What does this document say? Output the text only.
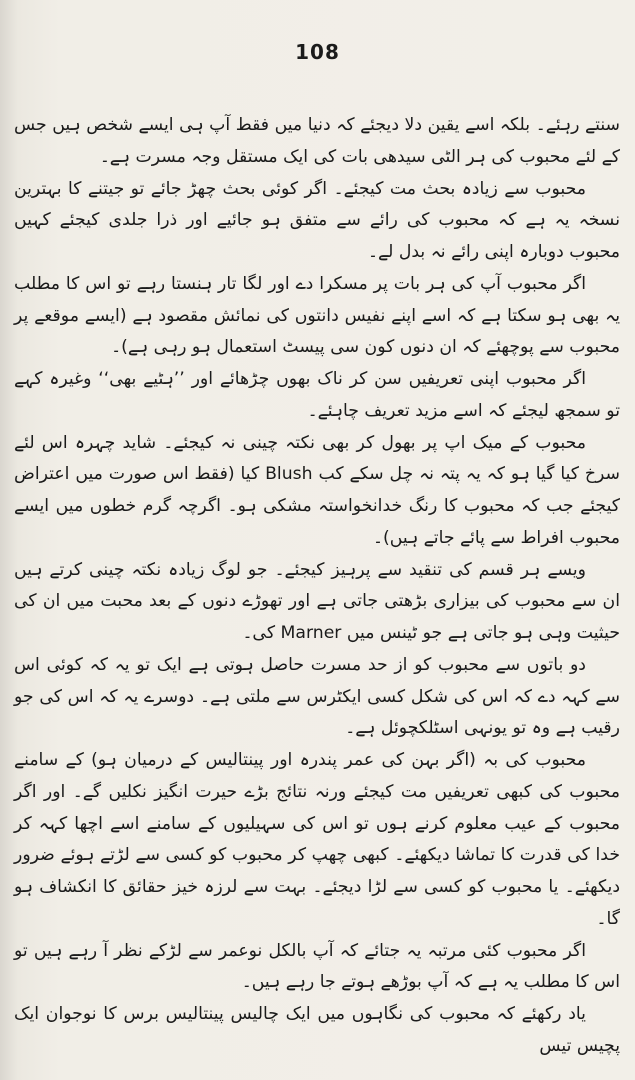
108

سنتے رہئے۔ بلکہ اسے یقین دلا دیجئے کہ دنیا میں فقط آپ ہی ایسے شخص ہیں جس کے لئے محبوب کی ہر الٹی سیدھی بات کی ایک مستقل وجہ مسرت ہے۔

محبوب سے زیادہ بحث مت کیجئے۔ اگر کوئی بحث چھڑ جائے تو جیتنے کا بہترین نسخہ یہ ہے کہ محبوب کی رائے سے متفق ہو جائیے اور ذرا جلدی کیجئے کہیں محبوب دوبارہ اپنی رائے نہ بدل لے۔

اگر محبوب آپ کی ہر بات پر مسکرا دے اور لگا تار ہنستا رہے تو اس کا مطلب یہ بھی ہو سکتا ہے کہ اسے اپنے نفیس دانتوں کی نمائش مقصود ہے (ایسے موقعے پر محبوب سے پوچھئے کہ ان دنوں کون سی پیسٹ استعمال ہو رہی ہے)۔

اگر محبوب اپنی تعریفیں سن کر ناک بھوں چڑھائے اور ’’ہٹیے بھی‘‘ وغیرہ کہے تو سمجھ لیجئے کہ اسے مزید تعریف چاہئے۔

محبوب کے میک اپ پر بھول کر بھی نکتہ چینی نہ کیجئے۔ شاید چہرہ اس لئے سرخ کیا گیا ہو کہ یہ پتہ نہ چل سکے کب Blush کیا (فقط اس صورت میں اعتراض کیجئے جب کہ محبوب کا رنگ خدانخواستہ مشکی ہو۔ اگرچہ گرم خطوں میں ایسے محبوب افراط سے پائے جاتے ہیں)۔

ویسے ہر قسم کی تنقید سے پرہیز کیجئے۔ جو لوگ زیادہ نکتہ چینی کرتے ہیں ان سے محبوب کی بیزاری بڑھتی جاتی ہے اور تھوڑے دنوں کے بعد محبت میں ان کی حیثیت وہی ہو جاتی ہے جو ٹینس میں Marner کی۔

دو باتوں سے محبوب کو از حد مسرت حاصل ہوتی ہے ایک تو یہ کہ کوئی اس سے کہہ دے کہ اس کی شکل کسی ایکٹرس سے ملتی ہے۔ دوسرے یہ کہ اس کی جو رقیب ہے وہ تو یونہی اسٹلکچوئل ہے۔

محبوب کی بہ (اگر بہن کی عمر پندرہ اور پینتالیس کے درمیان ہو) کے سامنے محبوب کی کبھی تعریفیں مت کیجئے ورنہ نتائج بڑے حیرت انگیز نکلیں گے۔ اور اگر محبوب کے عیب معلوم کرنے ہوں تو اس کی سہیلیوں کے سامنے اسے اچھا کہہ کر خدا کی قدرت کا تماشا دیکھئے۔ کبھی چھپ کر محبوب کو کسی سے لڑتے ہوئے ضرور دیکھئے۔ یا محبوب کو کسی سے لڑا دیجئے۔ بہت سے لرزہ خیز حقائق کا انکشاف ہو گا۔

اگر محبوب کئی مرتبہ یہ جتائے کہ آپ بالکل نوعمر سے لڑکے نظر آ رہے ہیں تو اس کا مطلب یہ ہے کہ آپ بوڑھے ہوتے جا رہے ہیں۔

یاد رکھئے کہ محبوب کی نگاہوں میں ایک چالیس پینتالیس برس کا نوجوان ایک پچیس تیس
